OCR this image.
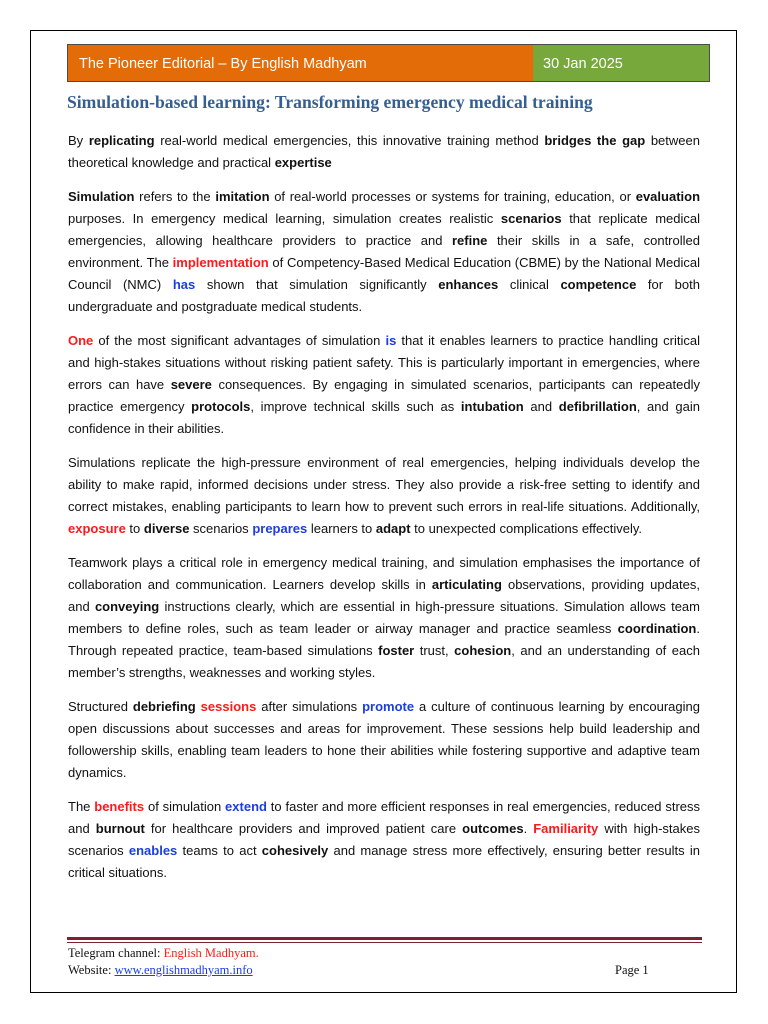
The Pioneer Editorial – By English Madhyam	30 Jan 2025
Simulation-based learning: Transforming emergency medical training

By replicating real-world medical emergencies, this innovative training method bridges the gap between theoretical knowledge and practical expertise

Simulation refers to the imitation of real-world processes or systems for training, education, or evaluation purposes. In emergency medical learning, simulation creates realistic scenarios that replicate medical emergencies, allowing healthcare providers to practice and refine their skills in a safe, controlled environment. The implementation of Competency-Based Medical Education (CBME) by the National Medical Council (NMC) has shown that simulation significantly enhances clinical competence for both undergraduate and postgraduate medical students.

One of the most significant advantages of simulation is that it enables learners to practice handling critical and high-stakes situations without risking patient safety. This is particularly important in emergencies, where errors can have severe consequences. By engaging in simulated scenarios, participants can repeatedly practice emergency protocols, improve technical skills such as intubation and defibrillation, and gain confidence in their abilities.

Simulations replicate the high-pressure environment of real emergencies, helping individuals develop the ability to make rapid, informed decisions under stress. They also provide a risk-free setting to identify and correct mistakes, enabling participants to learn how to prevent such errors in real-life situations. Additionally, exposure to diverse scenarios prepares learners to adapt to unexpected complications effectively.

Teamwork plays a critical role in emergency medical training, and simulation emphasises the importance of collaboration and communication. Learners develop skills in articulating observations, providing updates, and conveying instructions clearly, which are essential in high-pressure situations. Simulation allows team members to define roles, such as team leader or airway manager and practice seamless coordination. Through repeated practice, team-based simulations foster trust, cohesion, and an understanding of each member’s strengths, weaknesses and working styles.

Structured debriefing sessions after simulations promote a culture of continuous learning by encouraging open discussions about successes and areas for improvement. These sessions help build leadership and followership skills, enabling team leaders to hone their abilities while fostering supportive and adaptive team dynamics.

The benefits of simulation extend to faster and more efficient responses in real emergencies, reduced stress and burnout for healthcare providers and improved patient care outcomes. Familiarity with high-stakes scenarios enables teams to act cohesively and manage stress more effectively, ensuring better results in critical situations.

Telegram channel: English Madhyam.
Website: www.englishmadhyam.info	Page 1
